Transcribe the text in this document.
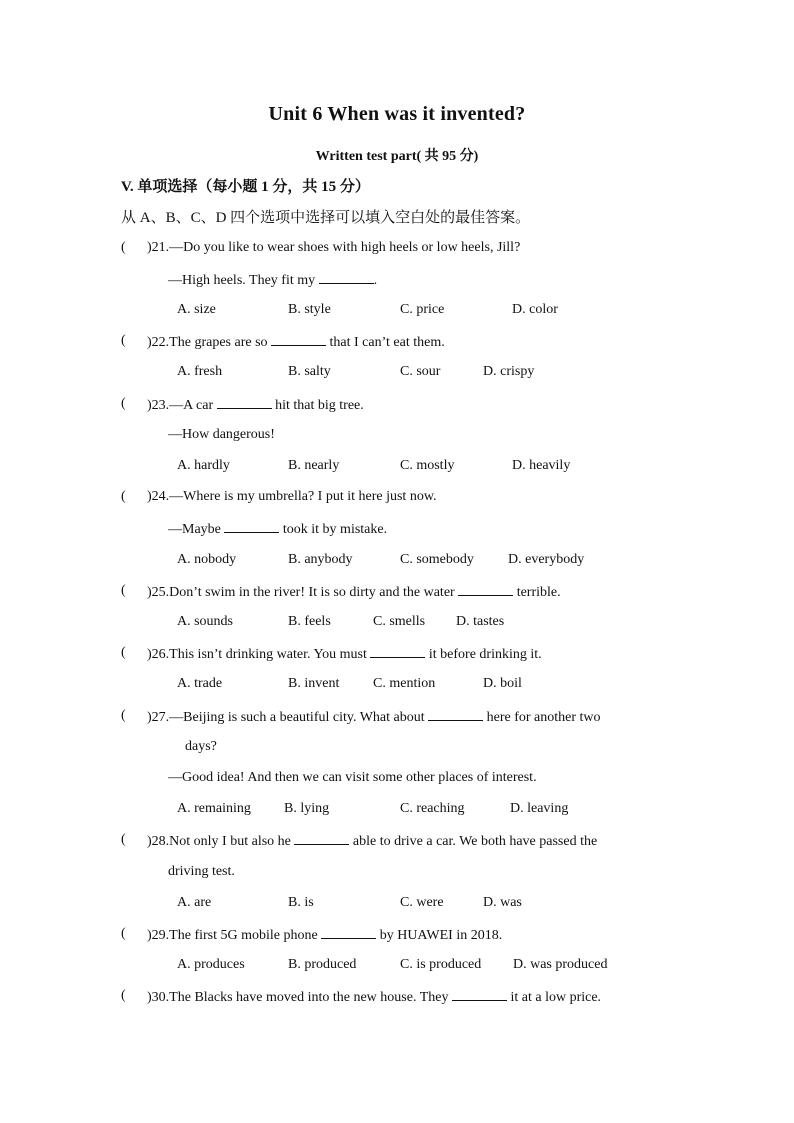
Unit 6 When was it invented?
Written test part( 共 95 分)
V. 单项选择（每小题 1 分，共 15 分）
从 A、B、C、D 四个选项中选择可以填入空白处的最佳答案。
( )21.—Do you like to wear shoes with high heels or low heels, Jill?
—High heels. They fit my	.
A. size	B. style	C. price	D. color
( )22.The grapes are so	that I can’t eat them.
A. fresh	B. salty	C. sour	D. crispy
( )23.—A car	hit that big tree.
—How dangerous!
A. hardly	B. nearly	C. mostly	D. heavily
( )24.—Where is my umbrella? I put it here just now.
—Maybe	took it by mistake.
A. nobody	B. anybody	C. somebody D. everybody
( )25.Don’t swim in the river! It is so dirty and the water	terrible.
A. sounds	B. feels	C. smells D. tastes
( )26.This isn’t drinking water. You must	it before drinking it.
A. trade	B. invent C. mention	D. boil
( )27.—Beijing is such a beautiful city. What about	here for another two
days?
—Good idea! And then we can visit some other places of interest.
A. remaining B. lying	C. reaching	D. leaving
( )28.Not only I but also he	able to drive a car. We both have passed the
driving test.
A. are	B. is	C. were	D. was
( )29.The first 5G mobile phone	by HUAWEI in 2018.
A. produces	B. produced	C. is produced D. was produced
( )30.The Blacks have moved into the new house. They	it at a low price.
